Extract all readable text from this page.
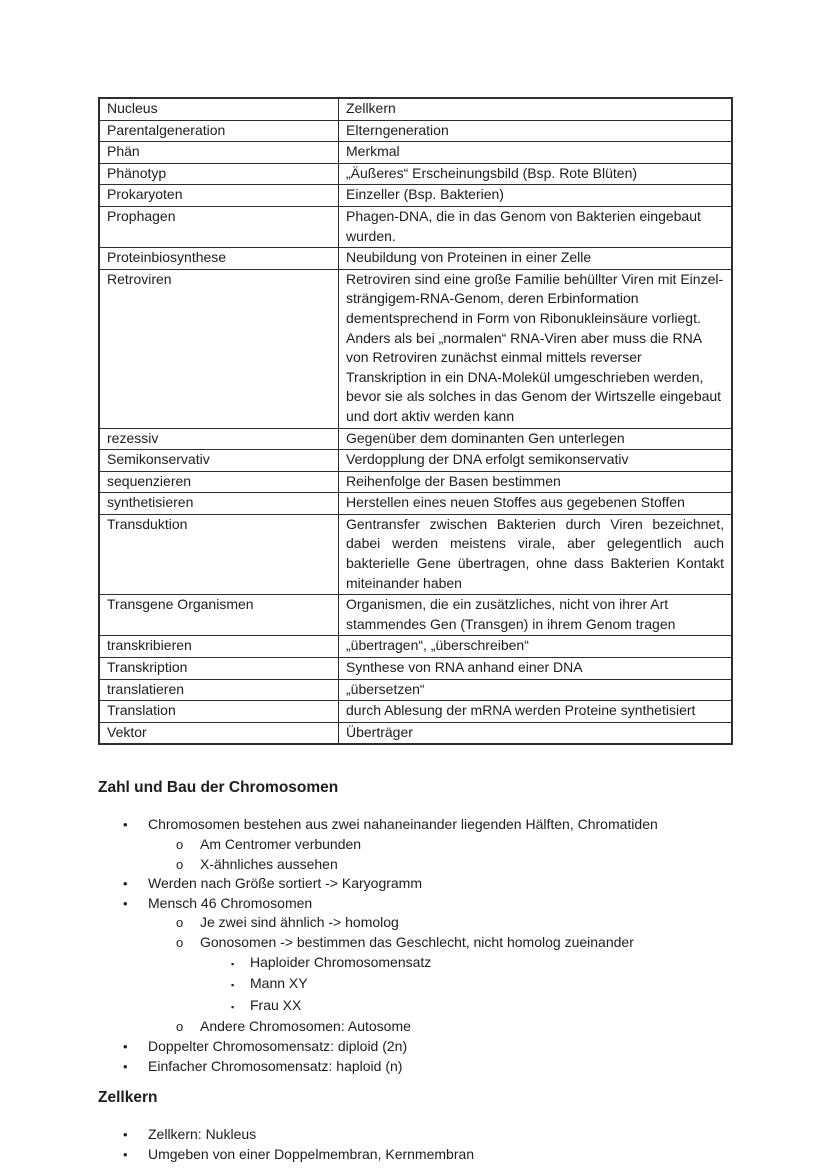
Nucleus	Zellkern
Parentalgeneration	Elterngeneration
Phän	Merkmal
Phänotyp	„Äußeres“ Erscheinungsbild (Bsp. Rote Blüten)
Prokaryoten	Einzeller (Bsp. Bakterien)
Prophagen	Phagen-DNA, die in das Genom von Bakterien eingebaut wurden.
Proteinbiosynthese	Neubildung von Proteinen in einer Zelle
Retroviren	Retroviren sind eine große Familie behüllter Viren mit Einzel-strängigem-RNA-Genom, deren Erbinformation dementsprechend in Form von Ribonukleinsäure vorliegt. Anders als bei „normalen“ RNA-Viren aber muss die RNA von Retroviren zunächst einmal mittels reverser Transkription in ein DNA-Molekül umgeschrieben werden, bevor sie als solches in das Genom der Wirtszelle eingebaut und dort aktiv werden kann
rezessiv	Gegenüber dem dominanten Gen unterlegen
Semikonservativ	Verdopplung der DNA erfolgt semikonservativ
sequenzieren	Reihenfolge der Basen bestimmen
synthetisieren	Herstellen eines neuen Stoffes aus gegebenen Stoffen
Transduktion	Gentransfer zwischen Bakterien durch Viren bezeichnet, dabei werden meistens virale, aber gelegentlich auch bakterielle Gene übertragen, ohne dass Bakterien Kontakt miteinander haben
Transgene Organismen	Organismen, die ein zusätzliches, nicht von ihrer Art stammendes Gen (Transgen) in ihrem Genom tragen
transkribieren	„übertragen“, „überschreiben“
Transkription	Synthese von RNA anhand einer DNA
translatieren	„übersetzen“
Translation	durch Ablesung der mRNA werden Proteine synthetisiert
Vektor	Überträger
Zahl und Bau der Chromosomen
•	Chromosomen bestehen aus zwei nahaneinander liegenden Hälften, Chromatiden
o	Am Centromer verbunden
o	X-ähnliches aussehen
•	Werden nach Größe sortiert -> Karyogramm
•	Mensch 46 Chromosomen
o	Je zwei sind ähnlich -> homolog
o	Gonosomen -> bestimmen das Geschlecht, nicht homolog zueinander
▪	Haploider Chromosomensatz
▪	Mann XY
▪	Frau XX
o	Andere Chromosomen: Autosome
•	Doppelter Chromosomensatz: diploid (2n)
•	Einfacher Chromosomensatz: haploid (n)
Zellkern
•	Zellkern: Nukleus
•	Umgeben von einer Doppelmembran, Kernmembran
